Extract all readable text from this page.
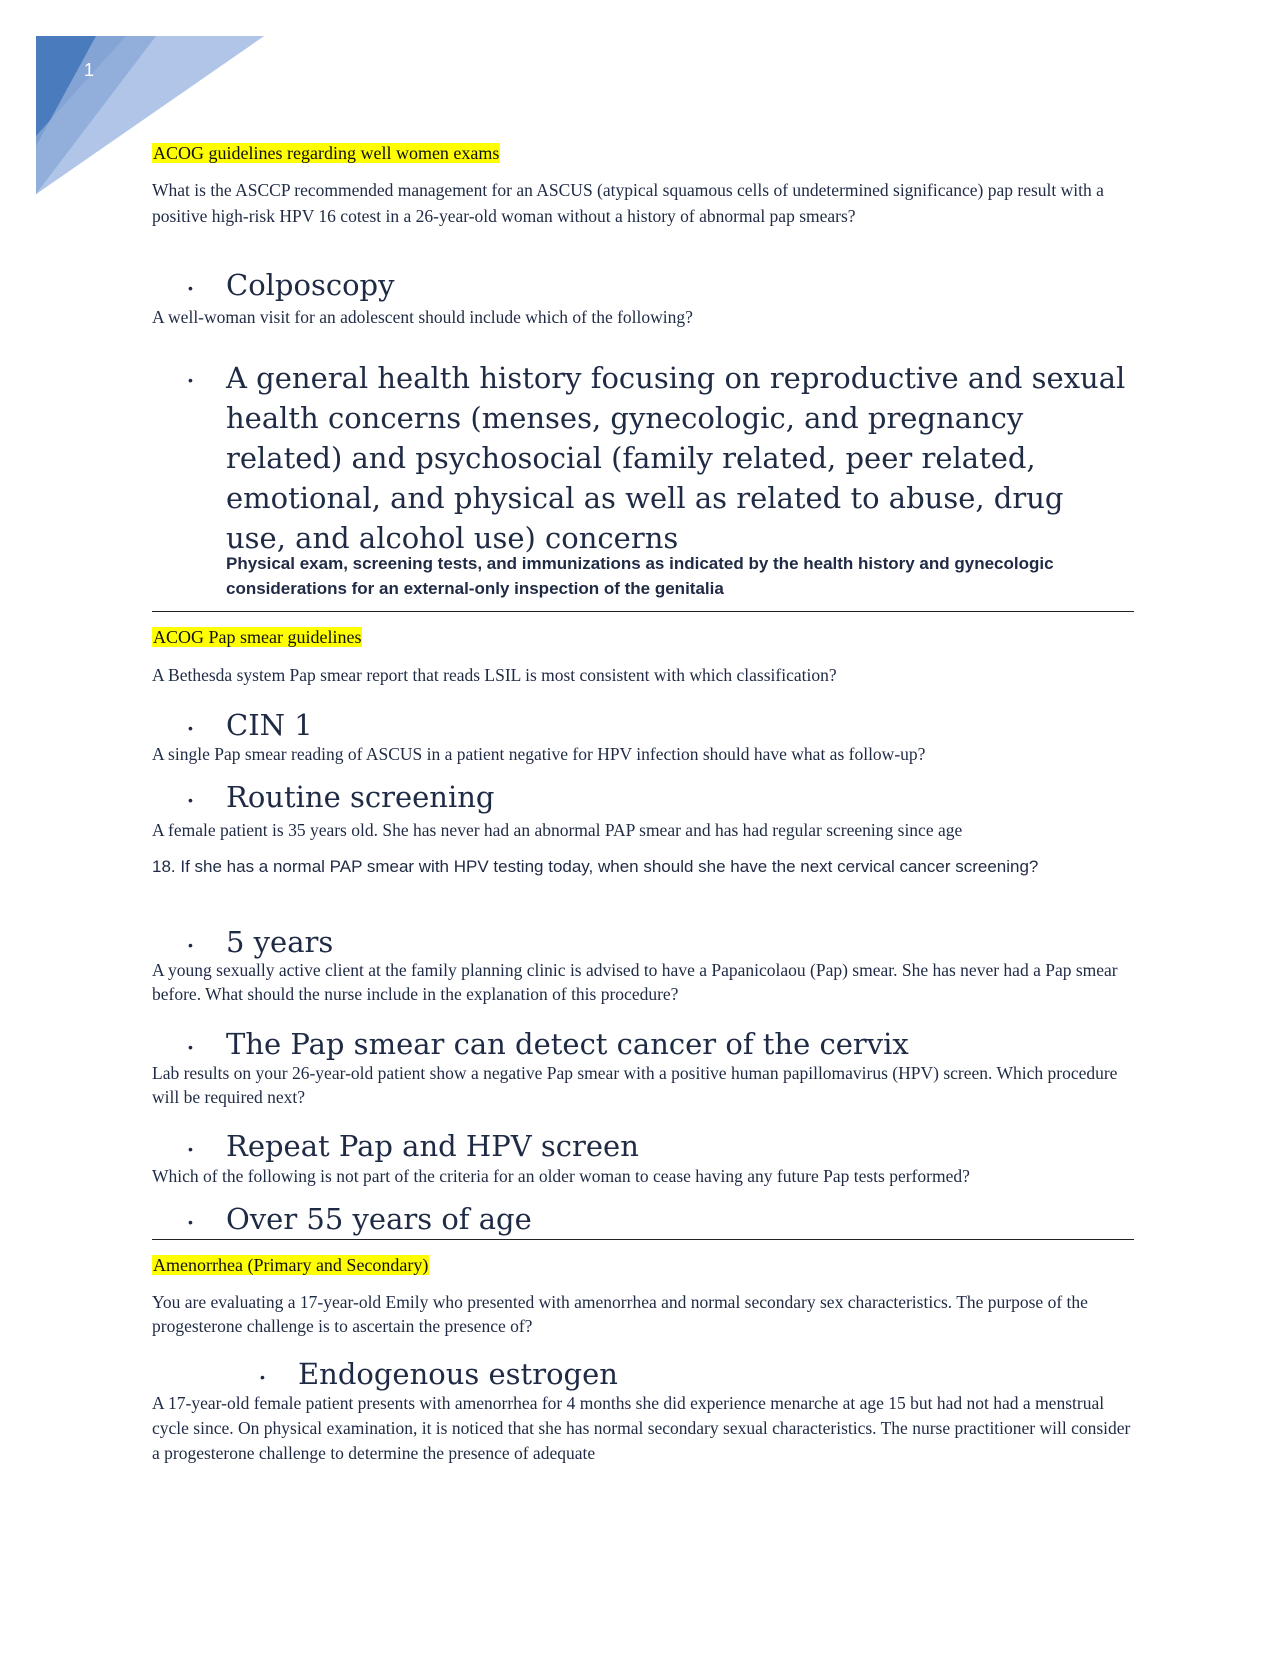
1
ACOG guidelines regarding well women exams
What is the ASCCP recommended management for an ASCUS (atypical squamous cells of undetermined significance) pap result with a positive high-risk HPV 16 cotest in a 26-year-old woman without a history of abnormal pap smears?
• Colposcopy
A well-woman visit for an adolescent should include which of the following?
• A general health history focusing on reproductive and sexual health concerns (menses, gynecologic, and pregnancy related) and psychosocial (family related, peer related, emotional, and physical as well as related to abuse, drug use, and alcohol use) concerns
Physical exam, screening tests, and immunizations as indicated by the health history and gynecologic considerations for an external-only inspection of the genitalia
ACOG Pap smear guidelines
A Bethesda system Pap smear report that reads LSIL is most consistent with which classification?
• CIN 1
A single Pap smear reading of ASCUS in a patient negative for HPV infection should have what as follow-up?
• Routine screening
A female patient is 35 years old. She has never had an abnormal PAP smear and has had regular screening since age
18. If she has a normal PAP smear with HPV testing today, when should she have the next cervical cancer screening?
• 5 years
A young sexually active client at the family planning clinic is advised to have a Papanicolaou (Pap) smear. She has never had a Pap smear before. What should the nurse include in the explanation of this procedure?
• The Pap smear can detect cancer of the cervix
Lab results on your 26-year-old patient show a negative Pap smear with a positive human papillomavirus (HPV) screen. Which procedure will be required next?
• Repeat Pap and HPV screen
Which of the following is not part of the criteria for an older woman to cease having any future Pap tests performed?
• Over 55 years of age
Amenorrhea (Primary and Secondary)
You are evaluating a 17-year-old Emily who presented with amenorrhea and normal secondary sex characteristics. The purpose of the progesterone challenge is to ascertain the presence of?
• Endogenous estrogen
A 17-year-old female patient presents with amenorrhea for 4 months she did experience menarche at age 15 but had not had a menstrual cycle since. On physical examination, it is noticed that she has normal secondary sexual characteristics. The nurse practitioner will consider a progesterone challenge to determine the presence of adequate
